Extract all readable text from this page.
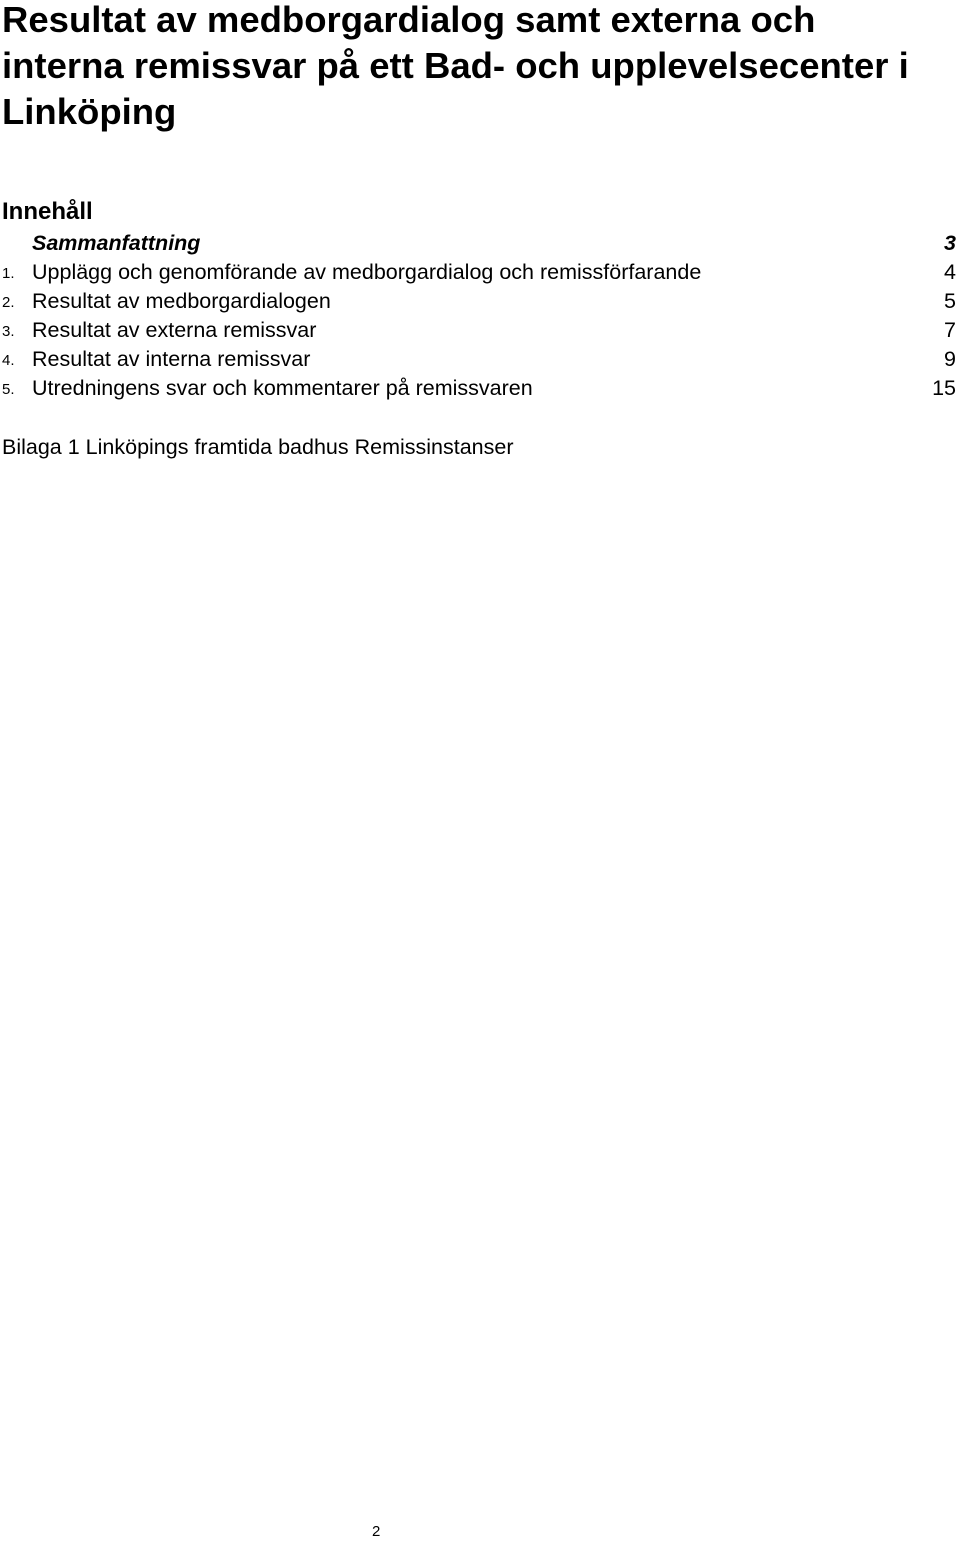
Resultat av medborgardialog samt externa och interna remissvar på ett Bad- och upplevelsecenter i Linköping
Innehåll
Sammanfattning	3
1. Upplägg och genomförande av medborgardialog och remissförfarande	4
2. Resultat av medborgardialogen	5
3. Resultat av externa remissvar	7
4. Resultat av interna remissvar	9
5. Utredningens svar och kommentarer på remissvaren	15

Bilaga 1 Linköpings framtida badhus Remissinstanser

2
